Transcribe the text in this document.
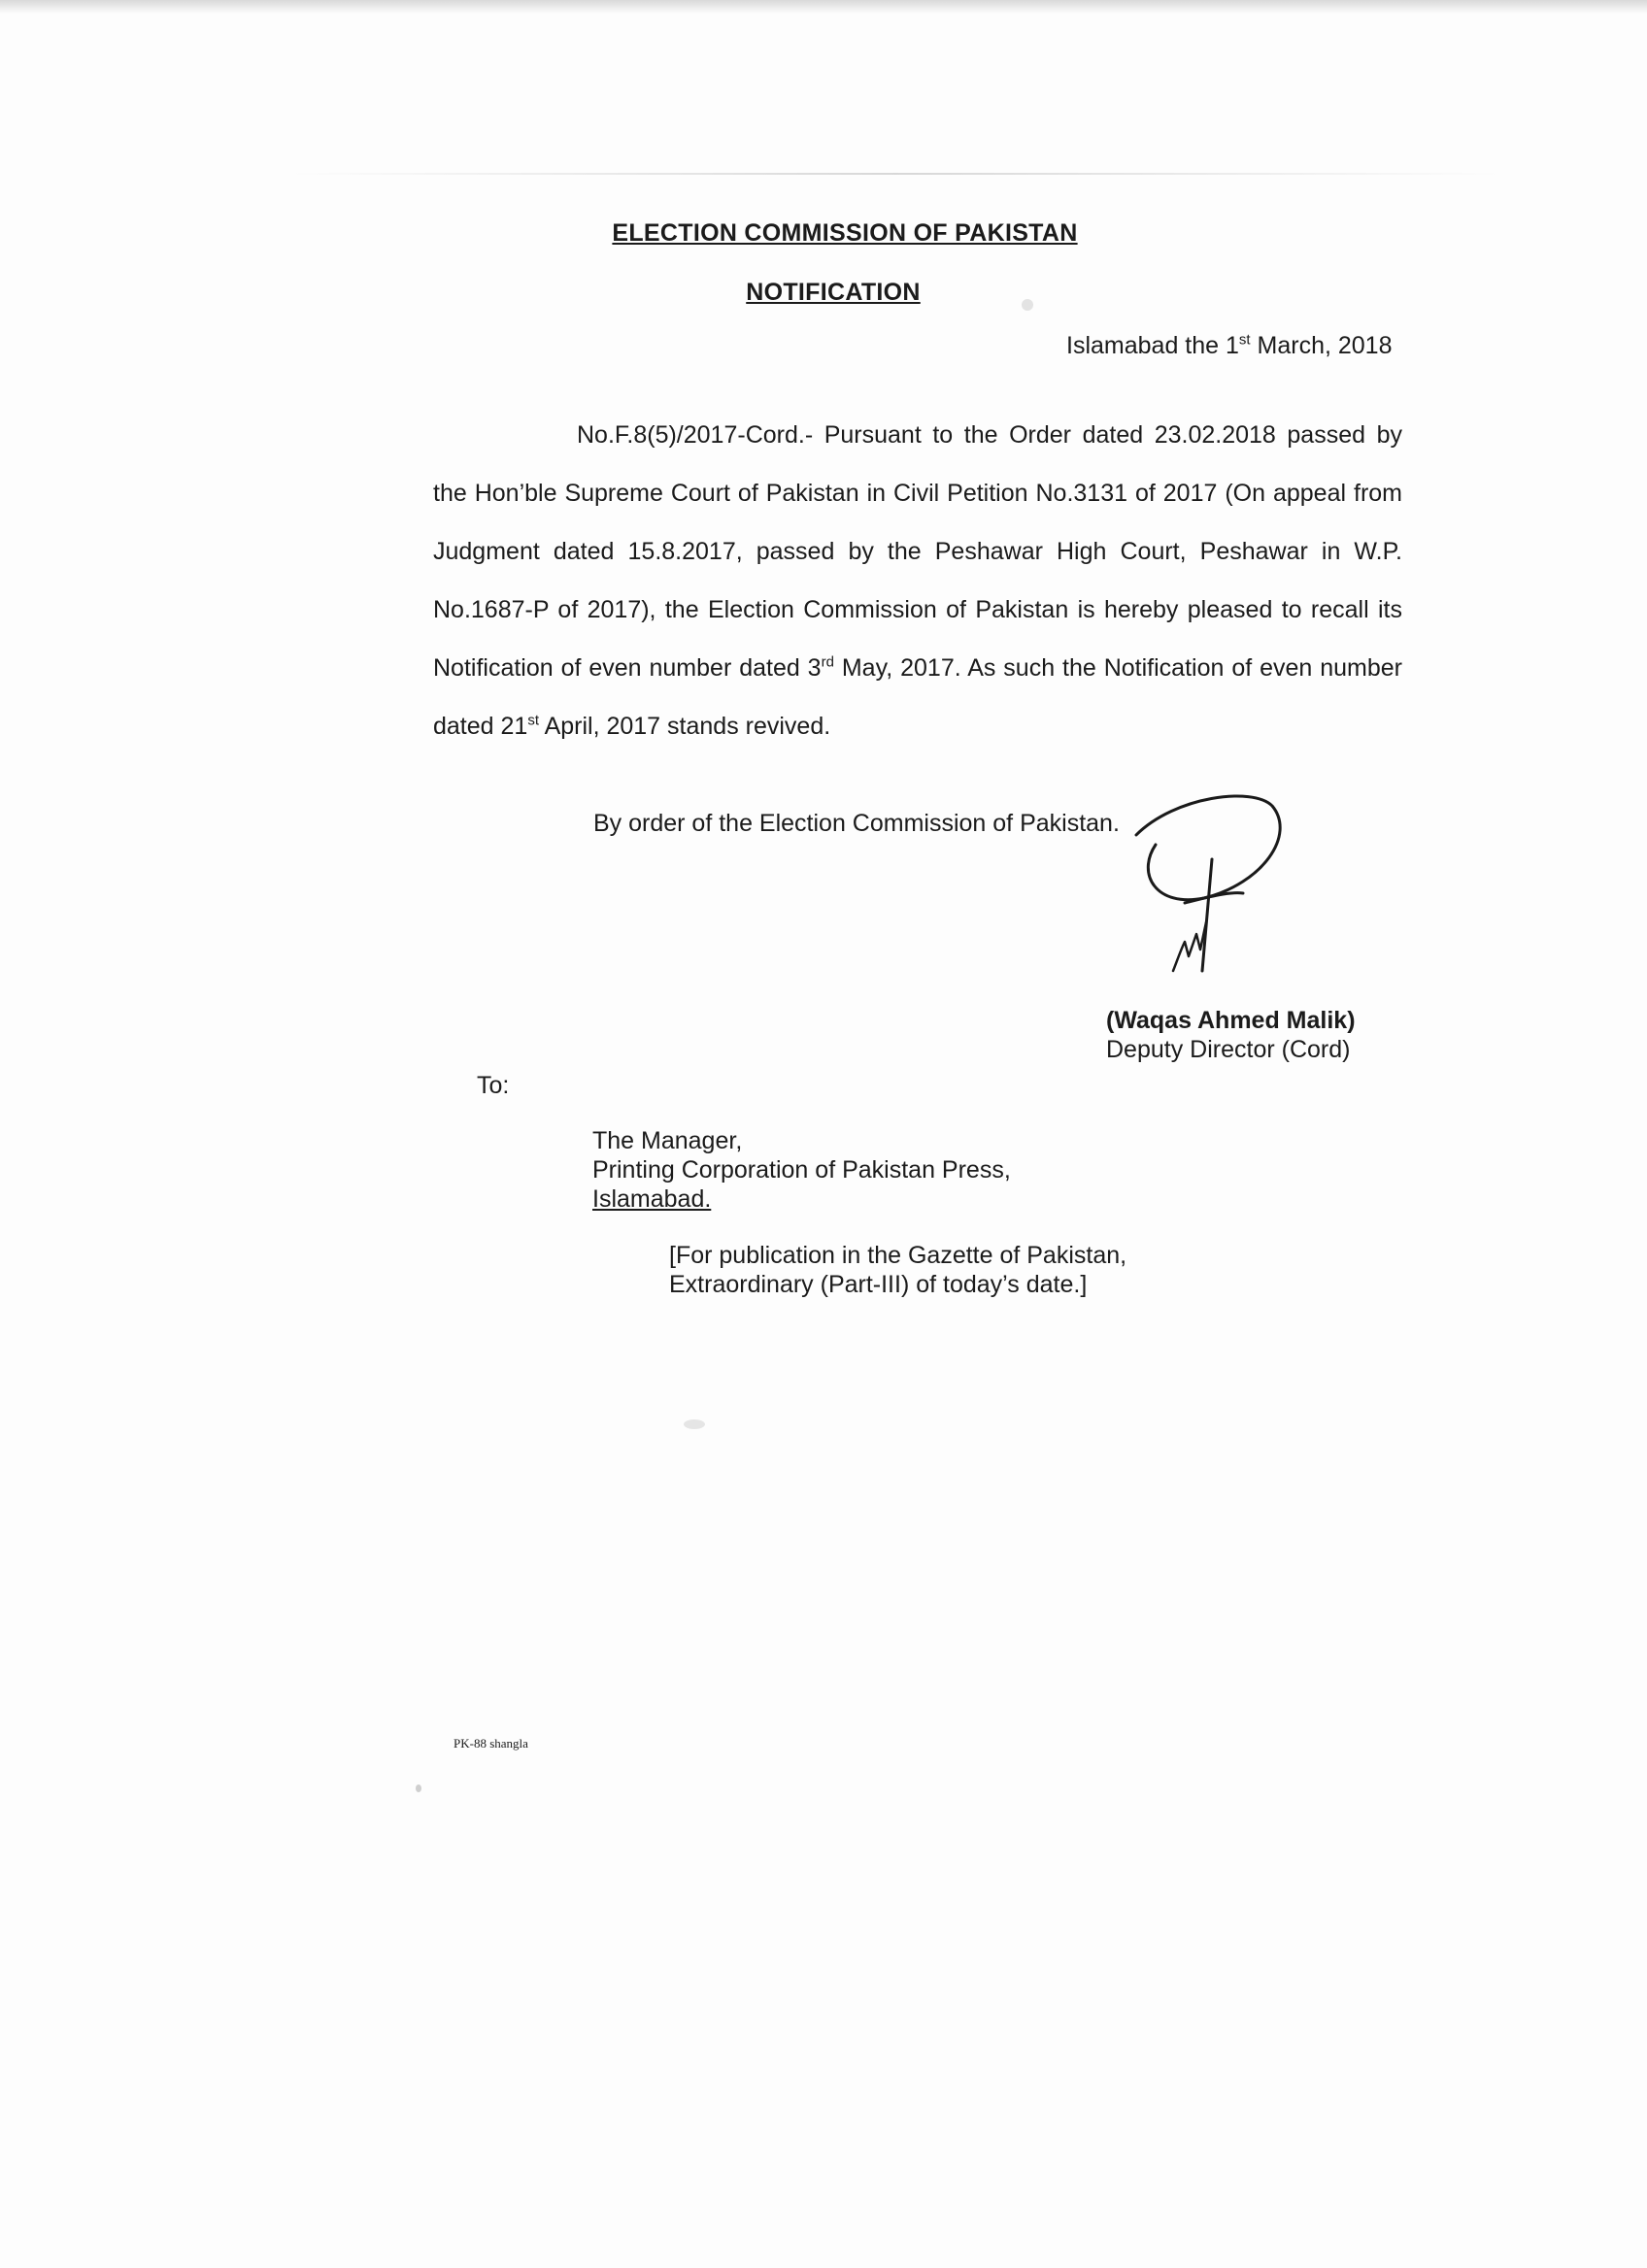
ELECTION COMMISSION OF PAKISTAN
NOTIFICATION
Islamabad the 1st March, 2018
No.F.8(5)/2017-Cord.- Pursuant to the Order dated 23.02.2018 passed by the Hon’ble Supreme Court of Pakistan in Civil Petition No.3131 of 2017 (On appeal from Judgment dated 15.8.2017, passed by the Peshawar High Court, Peshawar in W.P. No.1687-P of 2017), the Election Commission of Pakistan is hereby pleased to recall its Notification of even number dated 3rd May, 2017. As such the Notification of even number dated 21st April, 2017 stands revived.
By order of the Election Commission of Pakistan.
(Waqas Ahmed Malik)
Deputy Director (Cord)
To:
The Manager,
Printing Corporation of Pakistan Press,
Islamabad.
[For publication in the Gazette of Pakistan,
Extraordinary (Part-III) of today’s date.]
PK-88 shangla
